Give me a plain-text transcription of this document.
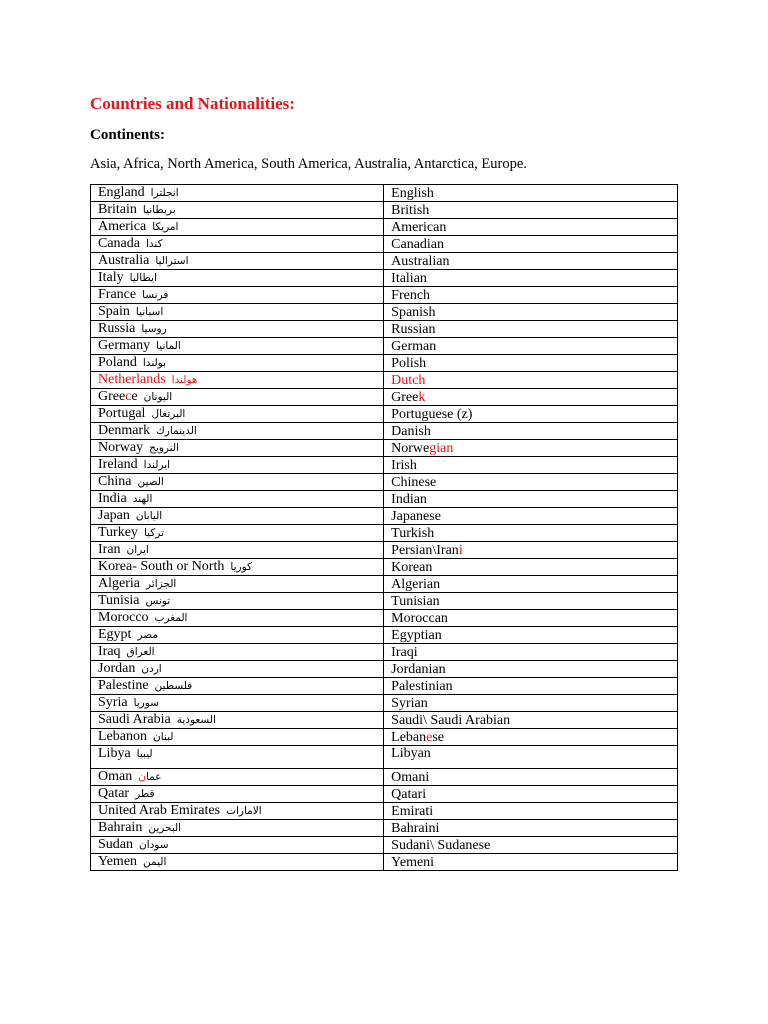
Countries and Nationalities:
Continents:
Asia, Africa, North America, South America, Australia, Antarctica, Europe.
England انجلترا	English
Britain بريطانيا	British
America امريكا	American
Canada كندا	Canadian
Australia استراليا	Australian
Italy ايطاليا	Italian
France فرنسا	French
Spain اسبانيا	Spanish
Russia روسيا	Russian
Germany المانيا	German
Poland بولندا	Polish
Netherlands هولندا	Dutch
Greece اليونان	Greek
Portugal البرتغال	Portuguese (z)
Denmark الدينمارك	Danish
Norway النرويج	Norwegian
Ireland ايرلندا	Irish
China الصين	Chinese
India الهند	Indian
Japan اليابان	Japanese
Turkey تركيا	Turkish
Iran ايران	Persian\Irani
Korea- South or North كوريا	Korean
Algeria الجزائر	Algerian
Tunisia تونس	Tunisian
Morocco المغرب	Moroccan
Egypt مصر	Egyptian
Iraq العراق	Iraqi
Jordan اردن	Jordanian
Palestine فلسطين	Palestinian
Syria سوريا	Syrian
Saudi Arabia السعودية	Saudi\ Saudi Arabian
Lebanon لبنان	Lebanese
Libya ليبيا	Libyan
Oman عمان	Omani
Qatar قطر	Qatari
United Arab Emirates الامارات	Emirati
Bahrain البحرين	Bahraini
Sudan سودان	Sudani\ Sudanese
Yemen اليمن	Yemeni
